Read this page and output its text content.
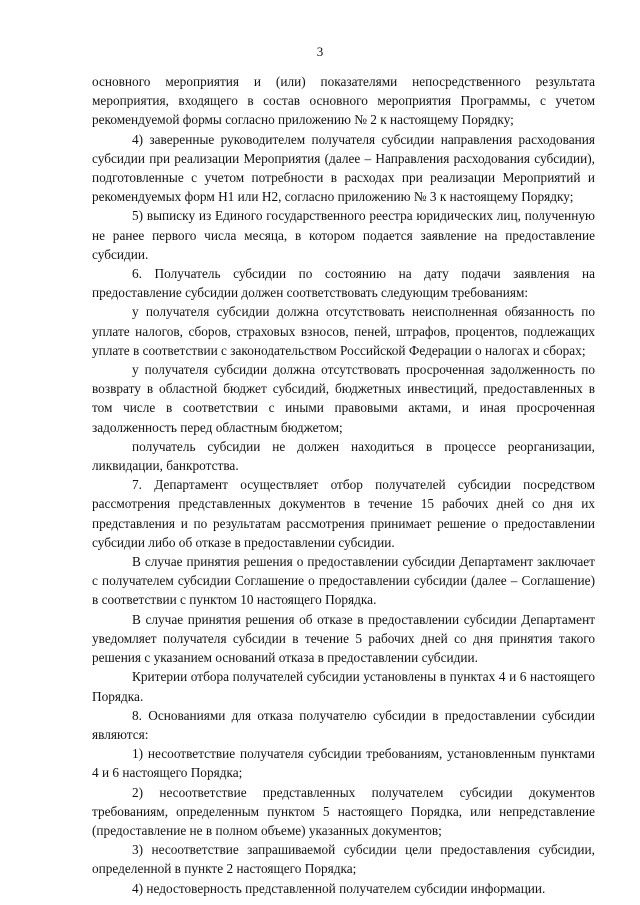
3

основного мероприятия и (или) показателями непосредственного результата мероприятия, входящего в состав основного мероприятия Программы, с учетом рекомендуемой формы согласно приложению № 2 к настоящему Порядку;

4) заверенные руководителем получателя субсидии направления расходования субсидии при реализации Мероприятия (далее – Направления расходования субсидии), подготовленные с учетом потребности в расходах при реализации Мероприятий и рекомендуемых форм Н1 или Н2, согласно приложению № 3 к настоящему Порядку;

5) выписку из Единого государственного реестра юридических лиц, полученную не ранее первого числа месяца, в котором подается заявление на предоставление субсидии.

6. Получатель субсидии по состоянию на дату подачи заявления на предоставление субсидии должен соответствовать следующим требованиям:

у получателя субсидии должна отсутствовать неисполненная обязанность по уплате налогов, сборов, страховых взносов, пеней, штрафов, процентов, подлежащих уплате в соответствии с законодательством Российской Федерации о налогах и сборах;

у получателя субсидии должна отсутствовать просроченная задолженность по возврату в областной бюджет субсидий, бюджетных инвестиций, предоставленных в том числе в соответствии с иными правовыми актами, и иная просроченная задолженность перед областным бюджетом;

получатель субсидии не должен находиться в процессе реорганизации, ликвидации, банкротства.

7. Департамент осуществляет отбор получателей субсидии посредством рассмотрения представленных документов в течение 15 рабочих дней со дня их представления и по результатам рассмотрения принимает решение о предоставлении субсидии либо об отказе в предоставлении субсидии.

В случае принятия решения о предоставлении субсидии Департамент заключает с получателем субсидии Соглашение о предоставлении субсидии (далее – Соглашение) в соответствии с пунктом 10 настоящего Порядка.

В случае принятия решения об отказе в предоставлении субсидии Департамент уведомляет получателя субсидии в течение 5 рабочих дней со дня принятия такого решения с указанием оснований отказа в предоставлении субсидии.

Критерии отбора получателей субсидии установлены в пунктах 4 и 6 настоящего Порядка.

8. Основаниями для отказа получателю субсидии в предоставлении субсидии являются:

1) несоответствие получателя субсидии требованиям, установленным пунктами 4 и 6 настоящего Порядка;

2) несоответствие представленных получателем субсидии документов требованиям, определенным пунктом 5 настоящего Порядка, или непредставление (предоставление не в полном объеме) указанных документов;

3) несоответствие запрашиваемой субсидии цели предоставления субсидии, определенной в пункте 2 настоящего Порядка;

4) недостоверность представленной получателем субсидии информации.
